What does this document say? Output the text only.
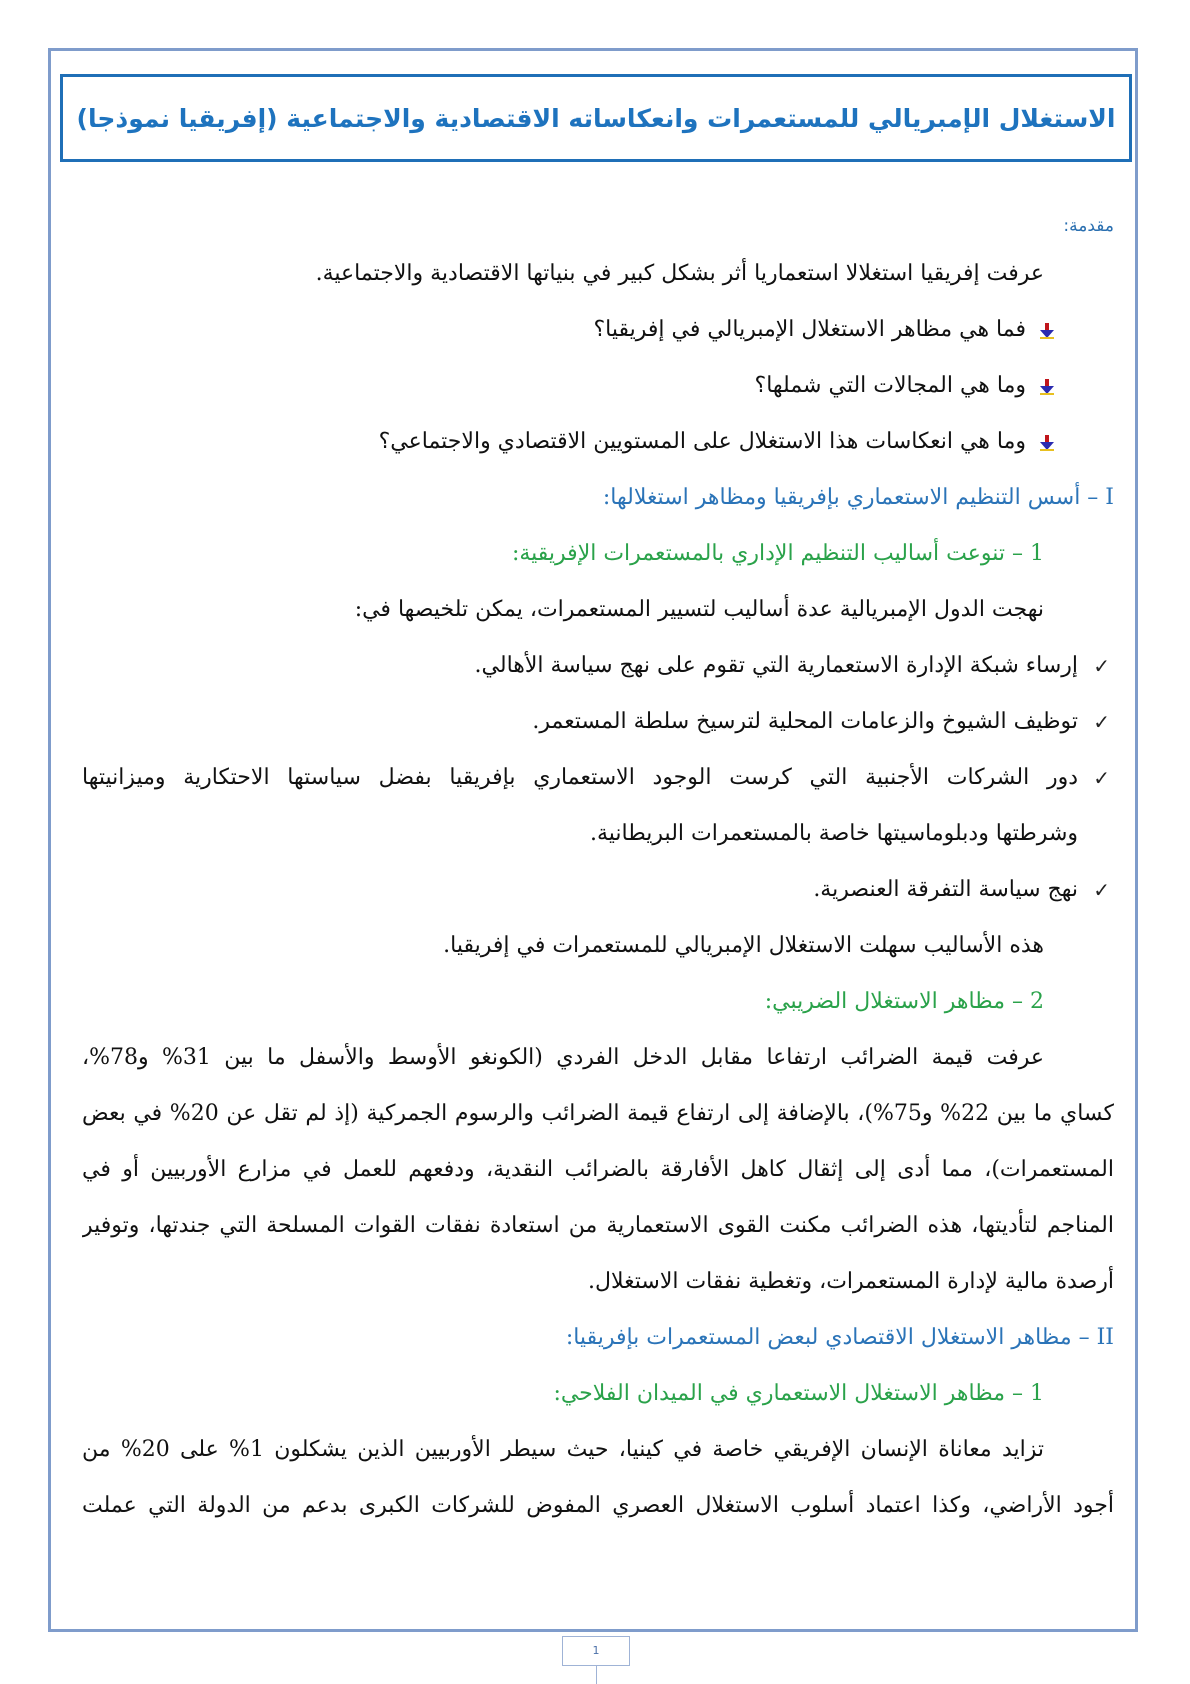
الاستغلال الإمبريالي للمستعمرات وانعكاساته الاقتصادية والاجتماعية (إفريقيا نموذجا)
مقدمة:
عرفت إفريقيا استغلالا استعماريا أثر بشكل كبير في بنياتها الاقتصادية والاجتماعية.
فما هي مظاهر الاستغلال الإمبريالي في إفريقيا؟
وما هي المجالات التي شملها؟
وما هي انعكاسات هذا الاستغلال على المستويين الاقتصادي والاجتماعي؟
I – أسس التنظيم الاستعماري بإفريقيا ومظاهر استغلالها:
1 – تنوعت أساليب التنظيم الإداري بالمستعمرات الإفريقية:
نهجت الدول الإمبريالية عدة أساليب لتسيير المستعمرات، يمكن تلخيصها في:
✓
إرساء شبكة الإدارة الاستعمارية التي تقوم على نهج سياسة الأهالي.
✓
توظيف الشيوخ والزعامات المحلية لترسيخ سلطة المستعمر.
✓
دور الشركات الأجنبية التي كرست الوجود الاستعماري بإفريقيا بفضل سياستها الاحتكارية وميزانيتها
وشرطتها ودبلوماسيتها خاصة بالمستعمرات البريطانية.
✓
نهج سياسة التفرقة العنصرية.
هذه الأساليب سهلت الاستغلال الإمبريالي للمستعمرات في إفريقيا.
2 – مظاهر الاستغلال الضريبي:
عرفت قيمة الضرائب ارتفاعا مقابل الدخل الفردي (الكونغو الأوسط والأسفل ما بين 31% و78%،
كساي ما بين 22% و75%)، بالإضافة إلى ارتفاع قيمة الضرائب والرسوم الجمركية (إذ لم تقل عن 20% في بعض
المستعمرات)، مما أدى إلى إثقال كاهل الأفارقة بالضرائب النقدية، ودفعهم للعمل في مزارع الأوربيين أو في
المناجم لتأديتها، هذه الضرائب مكنت القوى الاستعمارية من استعادة نفقات القوات المسلحة التي جندتها، وتوفير
أرصدة مالية لإدارة المستعمرات، وتغطية نفقات الاستغلال.
II – مظاهر الاستغلال الاقتصادي لبعض المستعمرات بإفريقيا:
1 – مظاهر الاستغلال الاستعماري في الميدان الفلاحي:
تزايد معاناة الإنسان الإفريقي خاصة في كينيا، حيث سيطر الأوربيين الذين يشكلون 1% على 20% من
أجود الأراضي، وكذا اعتماد أسلوب الاستغلال العصري المفوض للشركات الكبرى بدعم من الدولة التي عملت
1
